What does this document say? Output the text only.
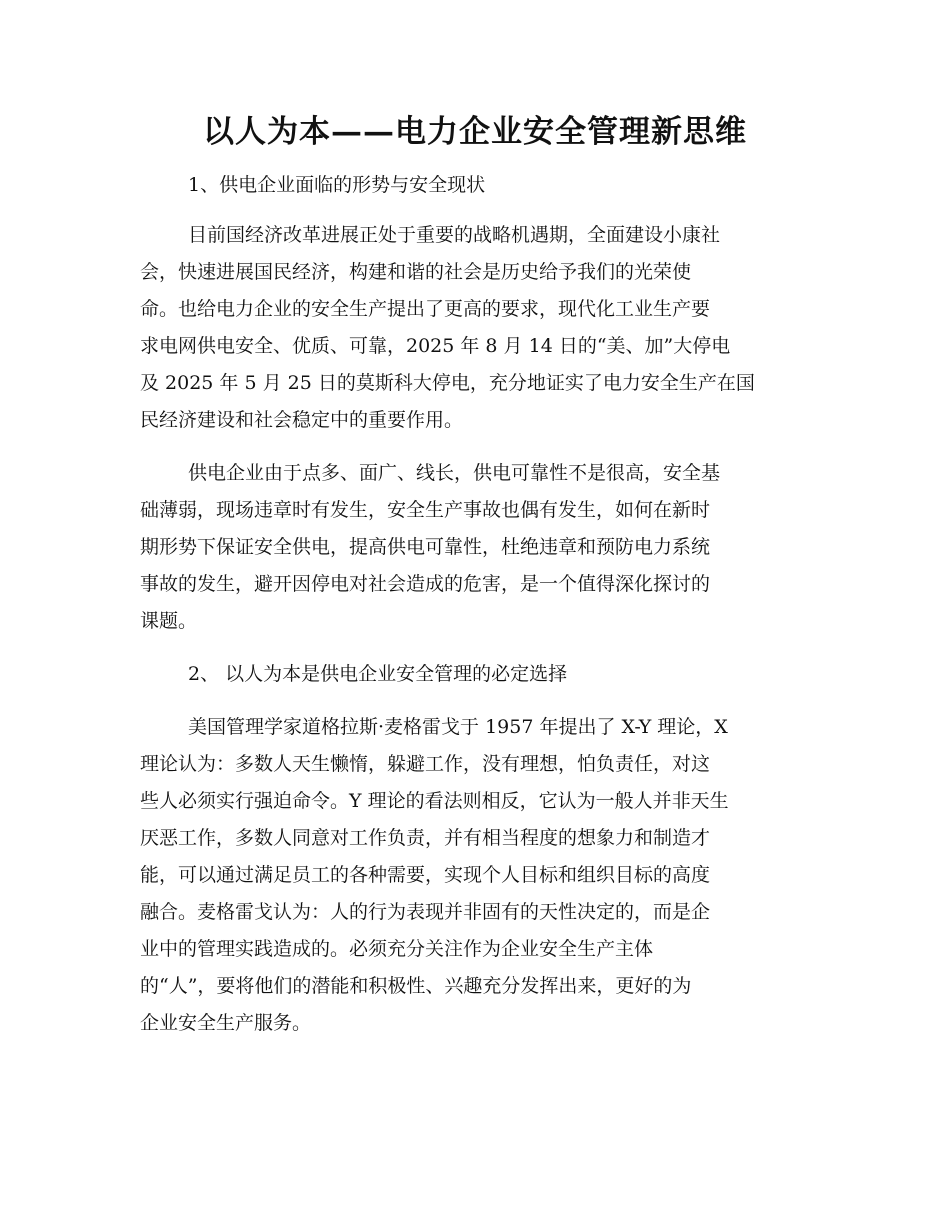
以人为本——电力企业安全管理新思维

1、供电企业面临的形势与安全现状

目前国经济改革进展正处于重要的战略机遇期，全面建设小康社

会，快速进展国民经济，构建和谐的社会是历史给予我们的光荣使

命。也给电力企业的安全生产提出了更高的要求，现代化工业生产要

求电网供电安全、优质、可靠，2025 年 8 月 14 日的“美、加”大停电

及 2025 年 5 月 25 日的莫斯科大停电，充分地证实了电力安全生产在国

民经济建设和社会稳定中的重要作用。

供电企业由于点多、面广、线长，供电可靠性不是很高，安全基

础薄弱，现场违章时有发生，安全生产事故也偶有发生，如何在新时

期形势下保证安全供电，提高供电可靠性，杜绝违章和预防电力系统

事故的发生，避开因停电对社会造成的危害，是一个值得深化探讨的

课题。

2、 以人为本是供电企业安全管理的必定选择

美国管理学家道格拉斯·麦格雷戈于 1957 年提出了 X-Y 理论，X

理论认为：多数人天生懒惰，躲避工作，没有理想，怕负责任，对这

些人必须实行强迫命令。Y 理论的看法则相反，它认为一般人并非天生

厌恶工作，多数人同意对工作负责，并有相当程度的想象力和制造才

能，可以通过满足员工的各种需要，实现个人目标和组织目标的高度

融合。麦格雷戈认为：人的行为表现并非固有的天性决定的，而是企

业中的管理实践造成的。必须充分关注作为企业安全生产主体

的“人”，要将他们的潜能和积极性、兴趣充分发挥出来，更好的为

企业安全生产服务。
